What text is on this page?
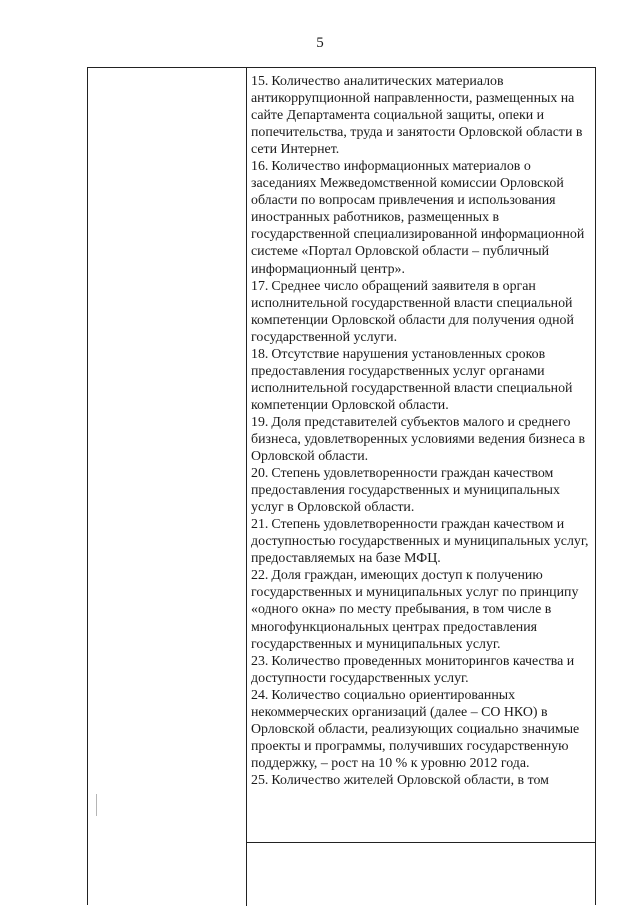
5

15. Количество аналитических материалов антикоррупционной направленности, размещенных на сайте Департамента социальной защиты, опеки и попечительства, труда и занятости Орловской области в сети Интернет.

16. Количество информационных материалов о заседаниях Межведомственной комиссии Орловской области по вопросам привлечения и использования иностранных работников, размещенных в государственной специализированной информационной системе «Портал Орловской области – публичный информационный центр».

17. Среднее число обращений заявителя в орган исполнительной государственной власти специальной компетенции Орловской области для получения одной государственной услуги.

18. Отсутствие нарушения установленных сроков предоставления государственных услуг органами исполнительной государственной власти специальной компетенции Орловской области.

19. Доля представителей субъектов малого и среднего бизнеса, удовлетворенных условиями ведения бизнеса в Орловской области.

20. Степень удовлетворенности граждан качеством предоставления государственных и муниципальных услуг в Орловской области.

21. Степень удовлетворенности граждан качеством и доступностью государственных и муниципальных услуг, предоставляемых на базе МФЦ.

22. Доля граждан, имеющих доступ к получению государственных и муниципальных услуг по принципу «одного окна» по месту пребывания, в том числе в многофункциональных центрах предоставления государственных и муниципальных услуг.

23. Количество проведенных мониторингов качества и доступности государственных услуг.

24. Количество социально ориентированных некоммерческих организаций (далее – СО НКО) в Орловской области, реализующих социально значимые проекты и программы, получивших государственную поддержку, – рост на 10 % к уровню 2012 года.

25. Количество жителей Орловской области, в том
